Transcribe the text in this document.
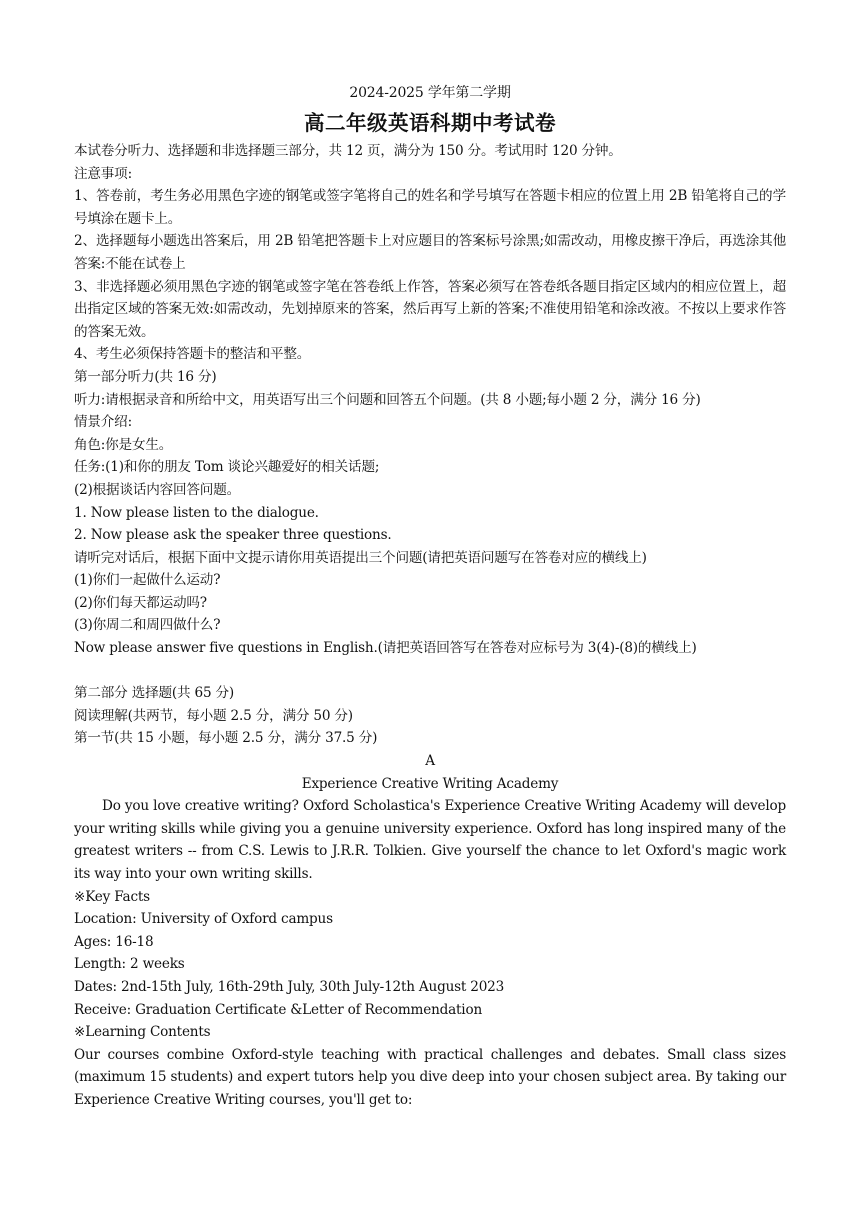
2024-2025 学年第二学期
高二年级英语科期中考试卷
本试卷分听力、选择题和非选择题三部分，共 12 页，满分为 150 分。考试用时 120 分钟。
注意事项:
1、答卷前，考生务必用黑色字迹的钢笔或签字笔将自己的姓名和学号填写在答题卡相应的位置上用 2B 铅笔将自己的学号填涂在题卡上。
2、选择题每小题选出答案后，用 2B 铅笔把答题卡上对应题目的答案标号涂黑;如需改动，用橡皮擦干净后，再选涂其他答案:不能在试卷上
3、非选择题必须用黑色字迹的钢笔或签字笔在答卷纸上作答，答案必须写在答卷纸各题目指定区域内的相应位置上，超出指定区域的答案无效:如需改动，先划掉原来的答案，然后再写上新的答案;不准使用铅笔和涂改液。不按以上要求作答的答案无效。
4、考生必须保持答题卡的整洁和平整。
第一部分听力(共 16 分)
听力:请根据录音和所给中文，用英语写出三个问题和回答五个问题。(共 8 小题;每小题 2 分，满分 16 分)
情景介绍:
角色:你是女生。
任务:(1)和你的朋友 Tom 谈论兴趣爱好的相关话题;
(2)根据谈话内容回答问题。
1. Now please listen to the dialogue.
2. Now please ask the speaker three questions.
请听完对话后，根据下面中文提示请你用英语提出三个问题(请把英语问题写在答卷对应的横线上)
(1)你们一起做什么运动?
(2)你们每天都运动吗?
(3)你周二和周四做什么?
Now please answer five questions in English.(请把英语回答写在答卷对应标号为 3(4)-(8)的横线上)
第二部分 选择题(共 65 分)
阅读理解(共两节，每小题 2.5 分，满分 50 分)
第一节(共 15 小题，每小题 2.5 分，满分 37.5 分)
A
Experience Creative Writing Academy
Do you love creative writing? Oxford Scholastica's Experience Creative Writing Academy will develop your writing skills while giving you a genuine university experience. Oxford has long inspired many of the greatest writers -- from C.S. Lewis to J.R.R. Tolkien. Give yourself the chance to let Oxford's magic work its way into your own writing skills.
※Key Facts
Location: University of Oxford campus
Ages: 16-18
Length: 2 weeks
Dates: 2nd-15th July, 16th-29th July, 30th July-12th August 2023
Receive: Graduation Certificate &Letter of Recommendation
※Learning Contents
Our courses combine Oxford-style teaching with practical challenges and debates. Small class sizes (maximum 15 students) and expert tutors help you dive deep into your chosen subject area. By taking our Experience Creative Writing courses, you'll get to:
